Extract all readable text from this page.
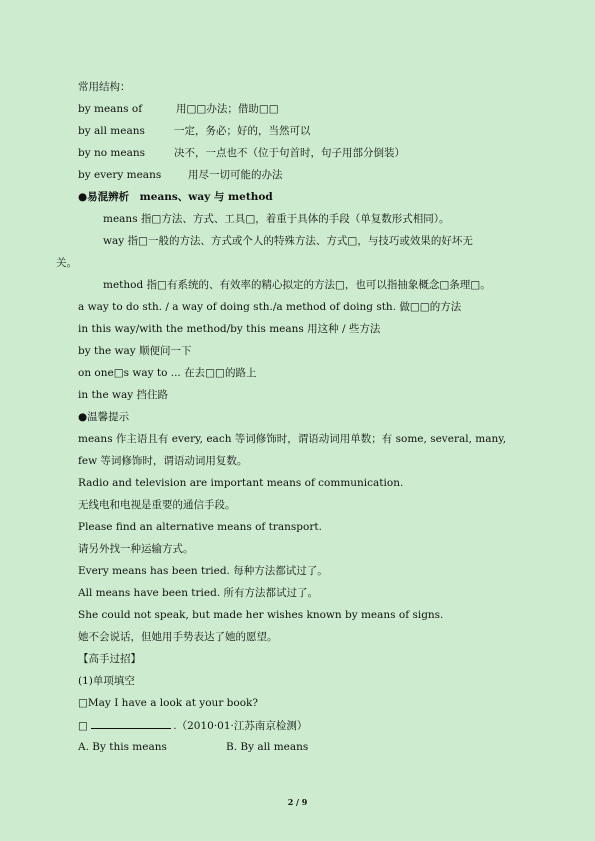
常用结构：
by means of	用□□办法；借助□□
by all means	一定，务必；好的，当然可以
by no means	决不，一点也不（位于句首时，句子用部分倒装）
by every means	用尽一切可能的办法
●易混辨析　means、way 与 method
means 指□方法、方式、工具□，着重于具体的手段（单复数形式相同）。
way 指□一般的方法、方式或个人的特殊方法、方式□，与技巧或效果的好坏无
关。
method 指□有系统的、有效率的精心拟定的方法□，也可以指抽象概念□条理□。
a way to do sth. / a way of doing sth./a method of doing sth. 做□□的方法
in this way/with the method/by this means 用这种 / 些方法
by the way 顺便问一下
on one□s way to ... 在去□□的路上
in the way 挡住路
●温馨提示
means 作主语且有 every, each 等词修饰时，谓语动词用单数；有 some, several, many,
few 等词修饰时，谓语动词用复数。
Radio and television are important means of communication.
无线电和电视是重要的通信手段。
Please find an alternative means of transport.
请另外找一种运输方式。
Every means has been tried. 每种方法都试过了。
All means have been tried. 所有方法都试过了。
She could not speak, but made her wishes known by means of signs.
她不会说话，但她用手势表达了她的愿望。
【高手过招】
(1)单项填空
□May I have a look at your book?
□	.（2010·01·江苏南京检测）
A. By this means	B. By all means
2 / 9
